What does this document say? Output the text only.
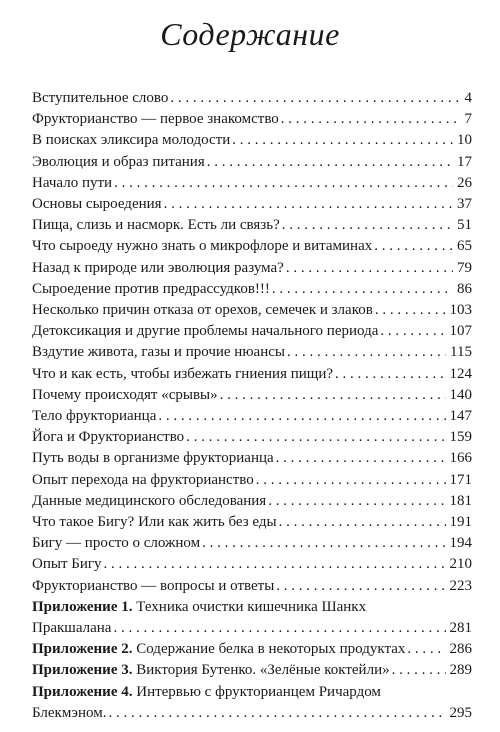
Содержание
Вступительное слово . . .	4
Фрукторианство — первое знакомство . . .	7
В поисках эликсира молодости . . .	10
Эволюция и образ питания . . .	17
Начало пути . . .	26
Основы сыроедения . . .	37
Пища, слизь и насморк. Есть ли связь? . . .	51
Что сыроеду нужно знать о микрофлоре и витаминах . . .	65
Назад к природе или эволюция разума? . . .	79
Сыроедение против предрассудков!!! . . .	86
Несколько причин отказа от орехов, семечек и злаков . . .	103
Детоксикация и другие проблемы начального периода . . .	107
Вздутие живота, газы и прочие нюансы . . .	115
Что и как есть, чтобы избежать гниения пищи? . . .	124
Почему происходят «срывы» . . .	140
Тело фрукторианца . . .	147
Йога и Фрукторианство . . .	159
Путь воды в организме фрукторианца . . .	166
Опыт перехода на фрукторианство . . .	171
Данные медицинского обследования . . .	181
Что такое Бигу? Или как жить без еды . . .	191
Бигу — просто о сложном . . .	194
Опыт Бигу . . .	210
Фрукторианство — вопросы и ответы . . .	223
Приложение 1. Техника очистки кишечника Шанкх
Пракшалана . . .	281
Приложение 2. Содержание белка в некоторых продуктах . . .	286
Приложение 3. Виктория Бутенко. «Зелёные коктейли» . . .	289
Приложение 4. Интервью с фрукторианцем Ричардом
Блекмэном. . . .	295
